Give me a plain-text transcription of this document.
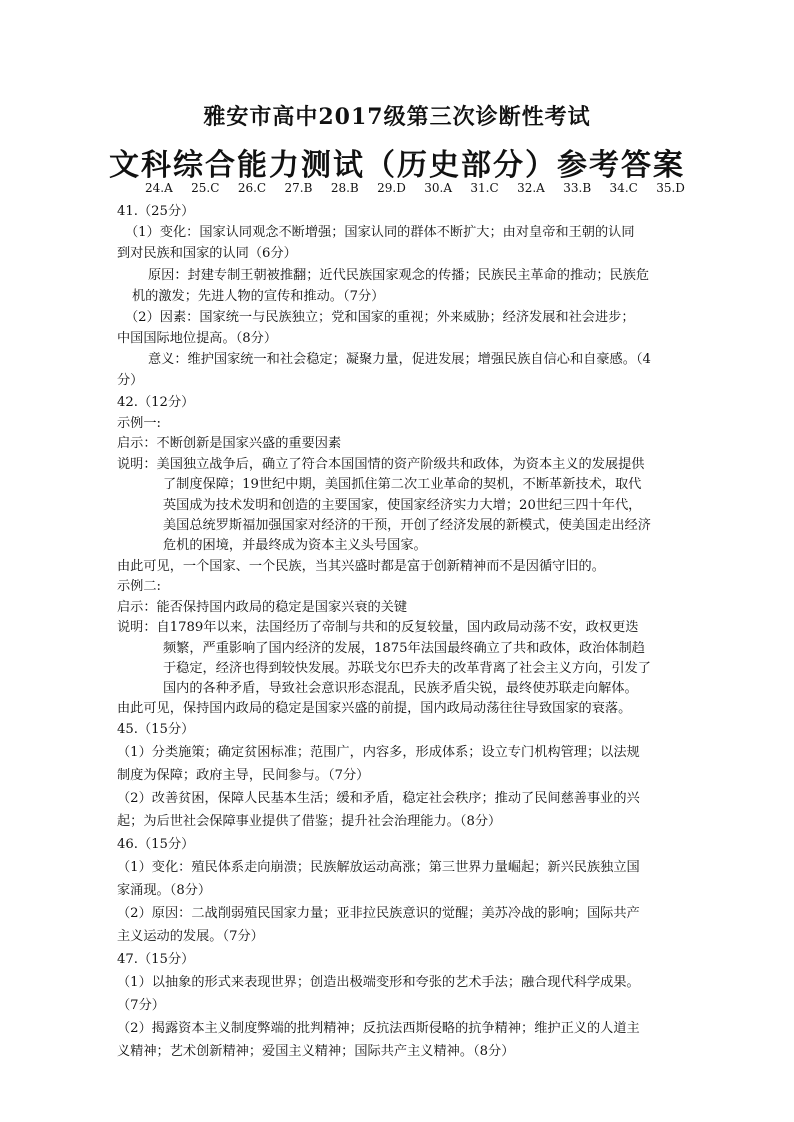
雅安市高中2017级第三次诊断性考试
文科综合能力测试（历史部分）参考答案
24.A 25.C 26.C 27.B 28.B 29.D 30.A 31.C 32.A 33.B 34.C 35.D
41.（25分）
（1）变化：国家认同观念不断增强；国家认同的群体不断扩大；由对皇帝和王朝的认同
到对民族和国家的认同（6分）
原因：封建专制王朝被推翻；近代民族国家观念的传播；民族民主革命的推动；民族危
机的激发；先进人物的宣传和推动。（7分）
（2）因素：国家统一与民族独立；党和国家的重视；外来威胁；经济发展和社会进步；
中国国际地位提高。（8分）
意义：维护国家统一和社会稳定；凝聚力量，促进发展；增强民族自信心和自豪感。（4
分）
42.（12分）
示例一:
启示：不断创新是国家兴盛的重要因素
说明：美国独立战争后，确立了符合本国国情的资产阶级共和政体，为资本主义的发展提供
了制度保障；19世纪中期，美国抓住第二次工业革命的契机，不断革新技术，取代
英国成为技术发明和创造的主要国家，使国家经济实力大增；20世纪三四十年代，
美国总统罗斯福加强国家对经济的干预，开创了经济发展的新模式，使美国走出经济
危机的困境，并最终成为资本主义头号国家。
由此可见，一个国家、一个民族，当其兴盛时都是富于创新精神而不是因循守旧的。
示例二:
启示：能否保持国内政局的稳定是国家兴衰的关键
说明：自1789年以来，法国经历了帝制与共和的反复较量，国内政局动荡不安，政权更迭
频繁，严重影响了国内经济的发展，1875年法国最终确立了共和政体，政治体制趋
于稳定，经济也得到较快发展。苏联戈尔巴乔夫的改革背离了社会主义方向，引发了
国内的各种矛盾，导致社会意识形态混乱，民族矛盾尖锐，最终使苏联走向解体。
由此可见，保持国内政局的稳定是国家兴盛的前提，国内政局动荡往往导致国家的衰落。
45.（15分）
（1）分类施策；确定贫困标准；范围广，内容多，形成体系；设立专门机构管理；以法规
制度为保障；政府主导，民间参与。（7分）
（2）改善贫困，保障人民基本生活；缓和矛盾，稳定社会秩序；推动了民间慈善事业的兴
起；为后世社会保障事业提供了借鉴；提升社会治理能力。（8分）
46.（15分）
（1）变化：殖民体系走向崩溃；民族解放运动高涨；第三世界力量崛起；新兴民族独立国
家涌现。（8分）
（2）原因：二战削弱殖民国家力量；亚非拉民族意识的觉醒；美苏冷战的影响；国际共产
主义运动的发展。（7分）
47.（15分）
（1）以抽象的形式来表现世界；创造出极端变形和夸张的艺术手法；融合现代科学成果。
（7分）
（2）揭露资本主义制度弊端的批判精神；反抗法西斯侵略的抗争精神；维护正义的人道主
义精神；艺术创新精神；爱国主义精神；国际共产主义精神。（8分）
